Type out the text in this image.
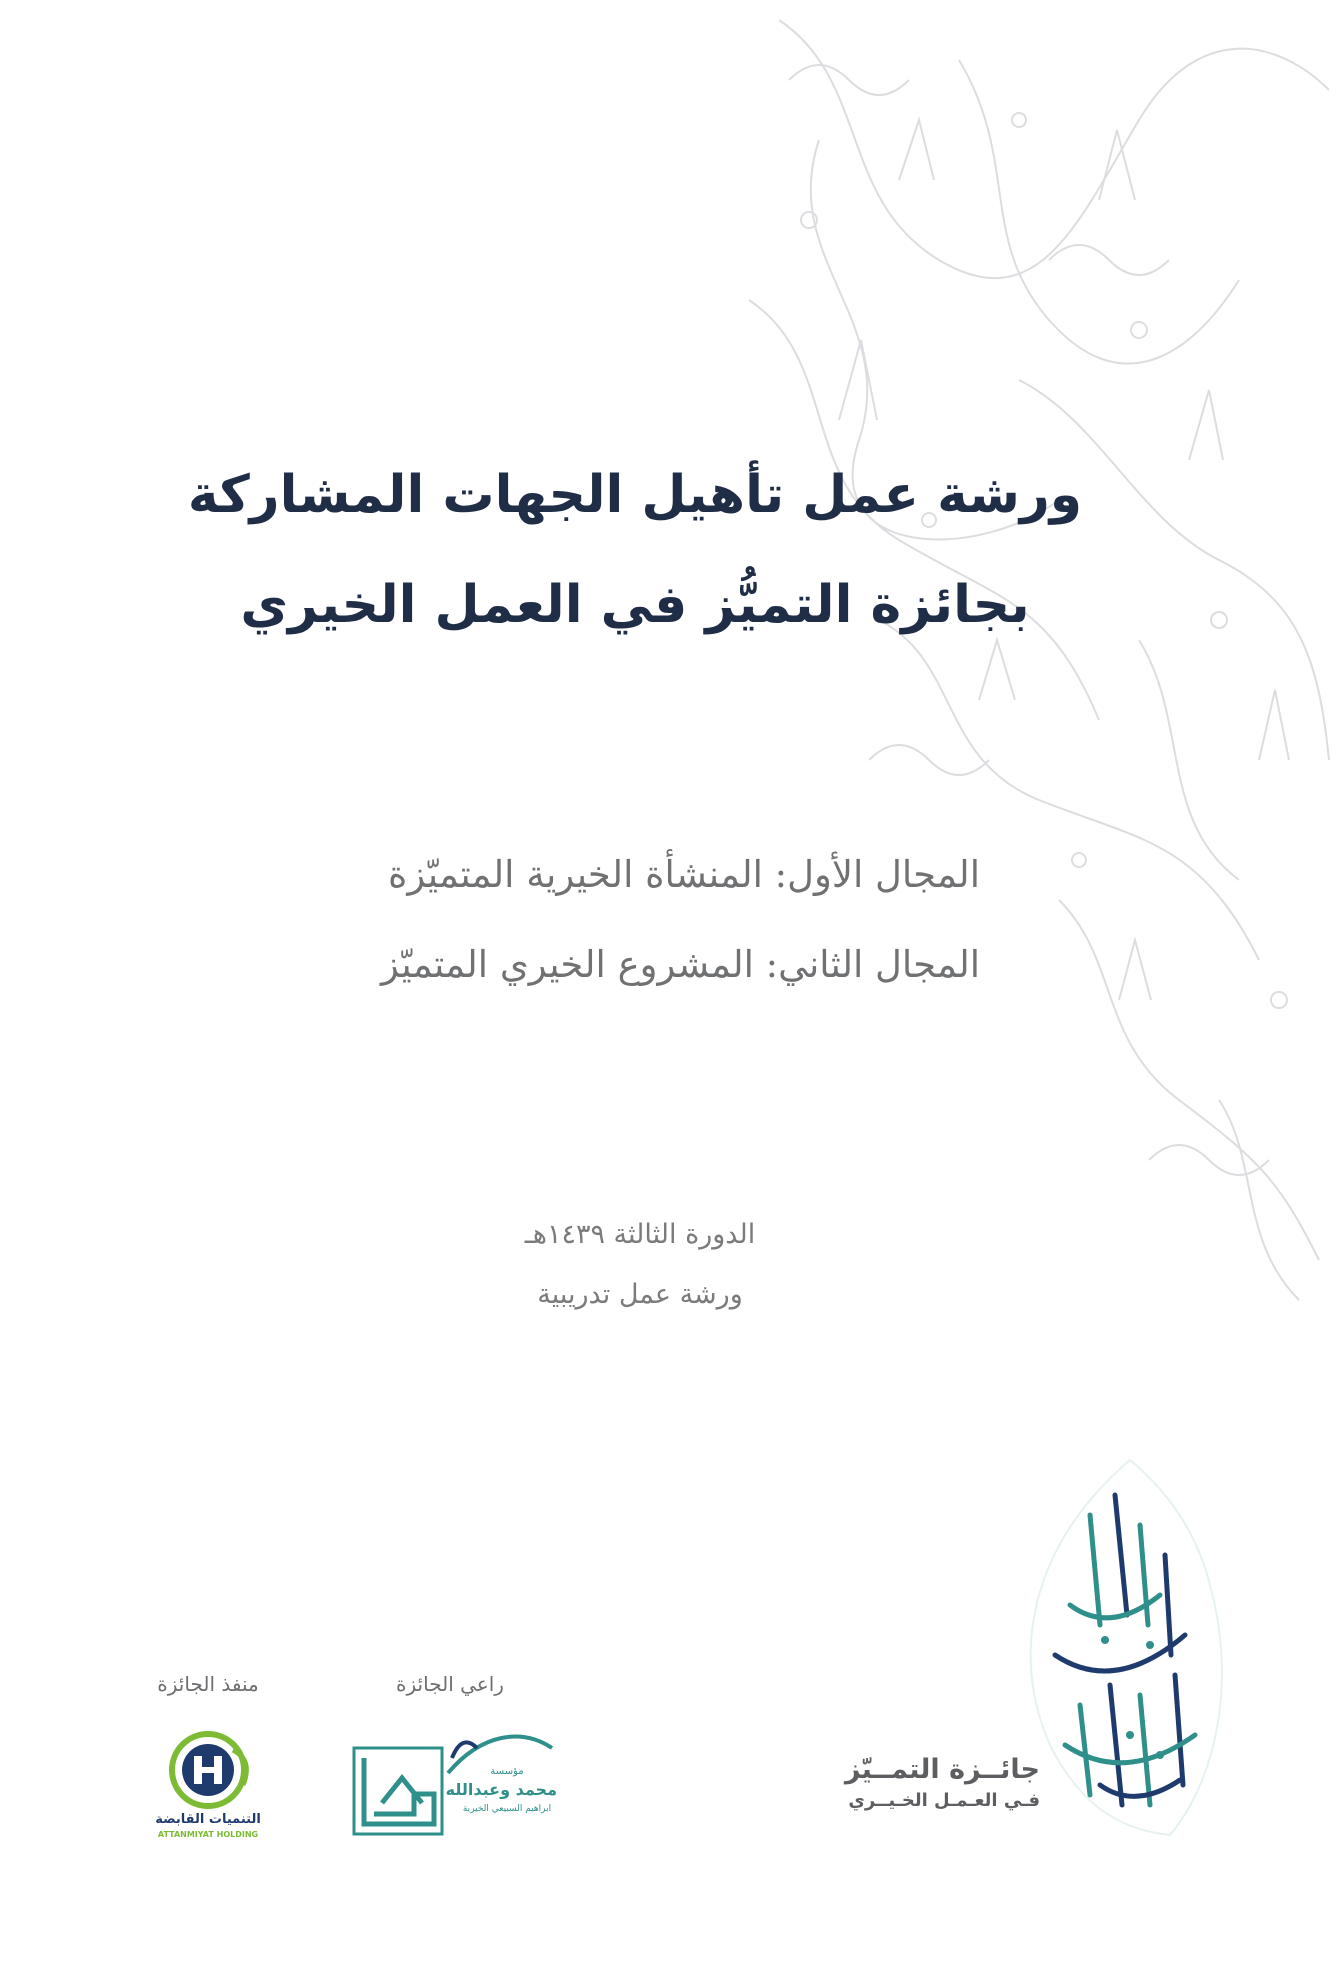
ورشة عمل تأهيل الجهات المشاركة
بجائزة التميُّز في العمل الخيري
المجال الأول: المنشأة الخيرية المتميّزة
المجال الثاني: المشروع الخيري المتميّز
الدورة الثالثة ١٤٣٩هـ
ورشة عمل تدريبية
جائــزة التمــيّز
فـي العـمـل الخـيــري
راعي الجائزة
مؤسسة
محمد وعبدالله
ابراهيم السبيعي الخيرية
منفذ الجائزة
التنميات القابضة
ATTANMIYAT HOLDING
